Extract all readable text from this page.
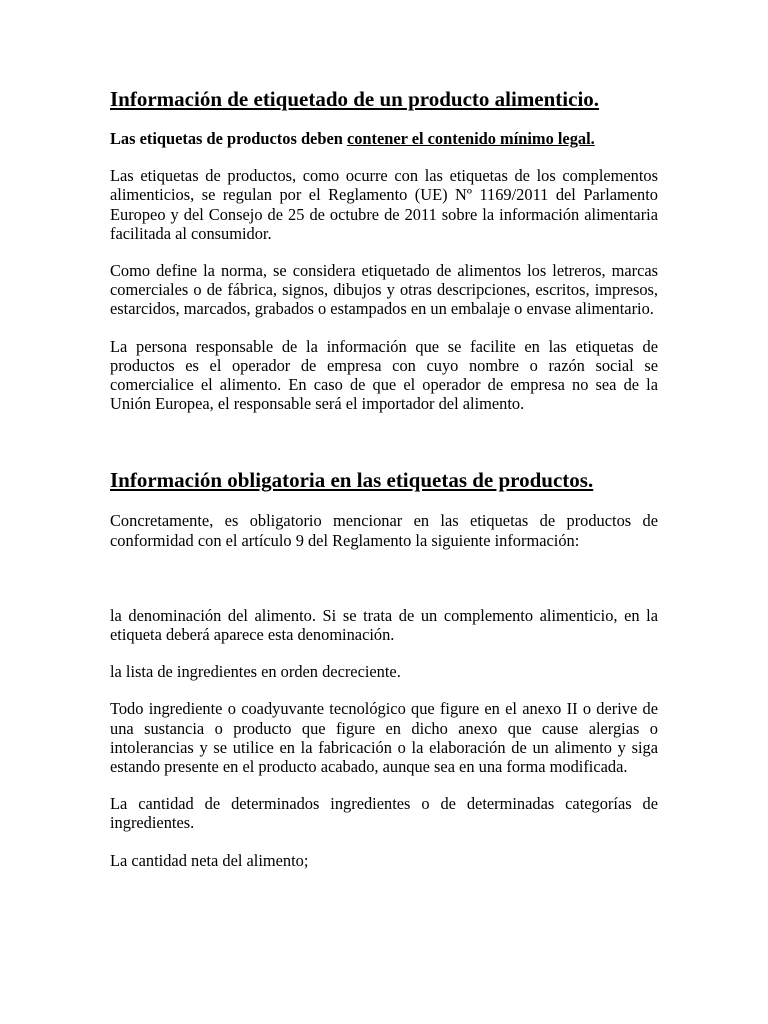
Información de etiquetado de un producto alimenticio.

Las etiquetas de productos deben contener el contenido mínimo legal.

Las etiquetas de productos, como ocurre con las etiquetas de los complementos alimenticios, se regulan por el Reglamento (UE) Nº 1169/2011 del Parlamento Europeo y del Consejo de 25 de octubre de 2011 sobre la información alimentaria facilitada al consumidor.

Como define la norma, se considera etiquetado de alimentos los letreros, marcas comerciales o de fábrica, signos, dibujos y otras descripciones, escritos, impresos, estarcidos, marcados, grabados o estampados en un embalaje o envase alimentario.

La persona responsable de la información que se facilite en las etiquetas de productos es el operador de empresa con cuyo nombre o razón social se comercialice el alimento. En caso de que el operador de empresa no sea de la Unión Europea, el responsable será el importador del alimento.

Información obligatoria en las etiquetas de productos.

Concretamente, es obligatorio mencionar en las etiquetas de productos de conformidad con el artículo 9 del Reglamento la siguiente información:

la denominación del alimento. Si se trata de un complemento alimenticio, en la etiqueta deberá aparece esta denominación.

la lista de ingredientes en orden decreciente.

Todo ingrediente o coadyuvante tecnológico que figure en el anexo II o derive de una sustancia o producto que figure en dicho anexo que cause alergias o intolerancias y se utilice en la fabricación o la elaboración de un alimento y siga estando presente en el producto acabado, aunque sea en una forma modificada.

La cantidad de determinados ingredientes o de determinadas categorías de ingredientes.

La cantidad neta del alimento;
